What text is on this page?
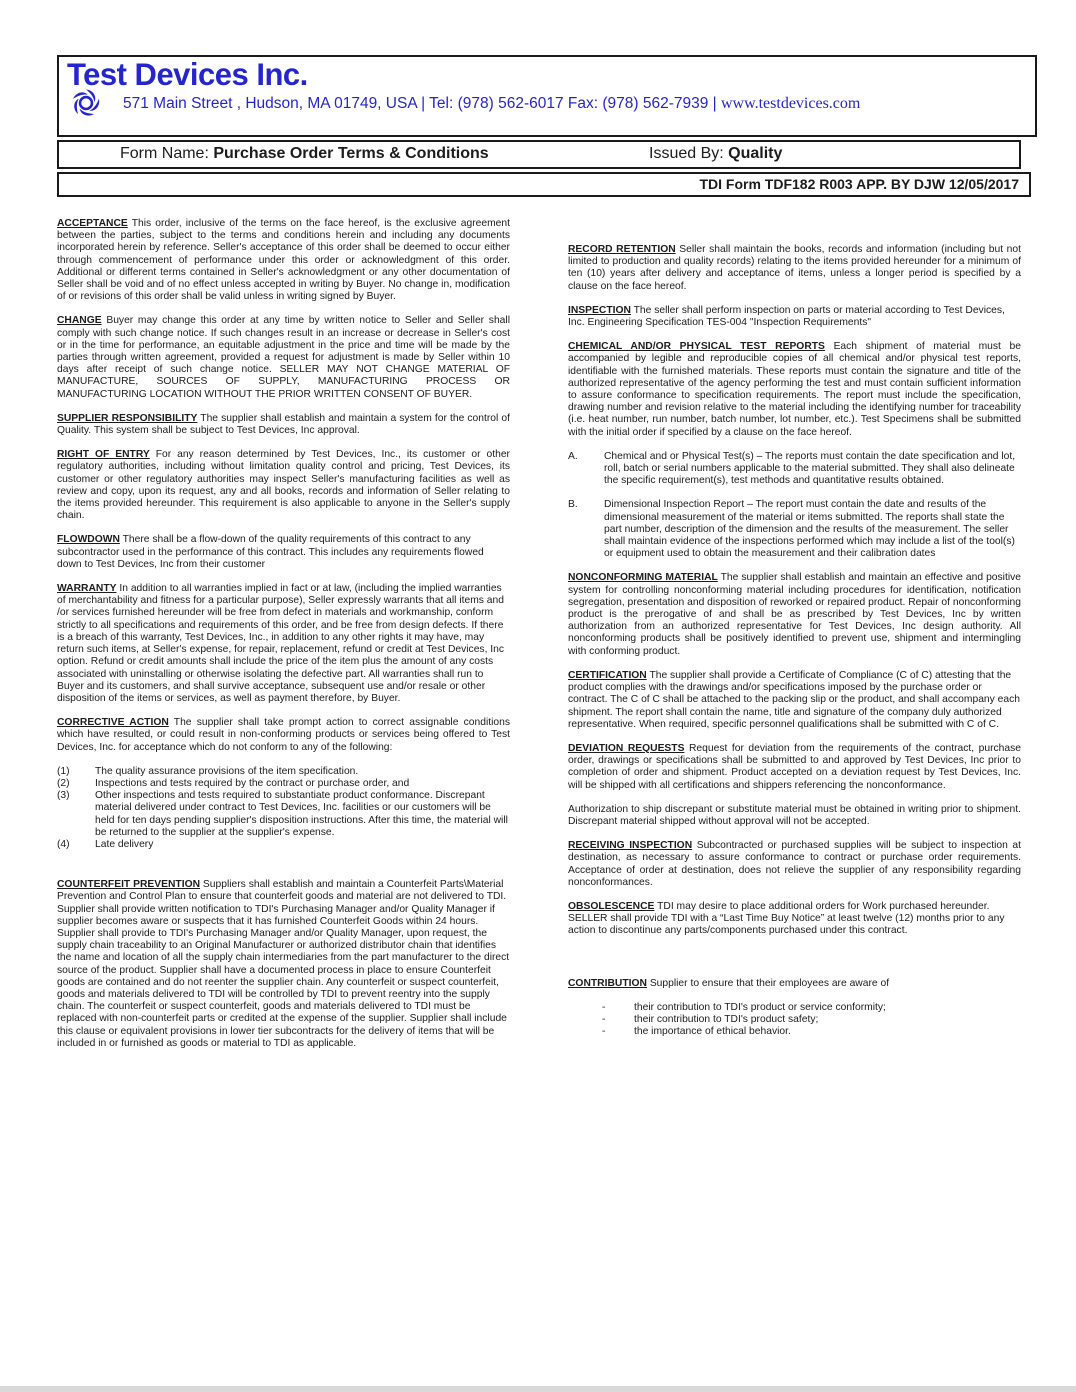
Test Devices Inc.
571 Main Street , Hudson, MA 01749, USA | Tel: (978) 562-6017 Fax: (978) 562-7939 | www.testdevices.com
Form Name: Purchase Order Terms & Conditions	Issued By: Quality
TDI Form TDF182 R003 APP. BY DJW 12/05/2017

ACCEPTANCE This order, inclusive of the terms on the face hereof, is the exclusive agreement between the parties, subject to the terms and conditions herein and including any documents incorporated herein by reference. Seller's acceptance of this order shall be deemed to occur either through commencement of performance under this order or acknowledgment of this order. Additional or different terms contained in Seller's acknowledgment or any other documentation of Seller shall be void and of no effect unless accepted in writing by Buyer. No change in, modification of or revisions of this order shall be valid unless in writing signed by Buyer.

CHANGE Buyer may change this order at any time by written notice to Seller and Seller shall comply with such change notice. If such changes result in an increase or decrease in Seller's cost or in the time for performance, an equitable adjustment in the price and time will be made by the parties through written agreement, provided a request for adjustment is made by Seller within 10 days after receipt of such change notice. SELLER MAY NOT CHANGE MATERIAL OF MANUFACTURE, SOURCES OF SUPPLY, MANUFACTURING PROCESS OR MANUFACTURING LOCATION WITHOUT THE PRIOR WRITTEN CONSENT OF BUYER.

SUPPLIER RESPONSIBILITY The supplier shall establish and maintain a system for the control of Quality. This system shall be subject to Test Devices, Inc approval.

RIGHT OF ENTRY For any reason determined by Test Devices, Inc., its customer or other regulatory authorities, including without limitation quality control and pricing, Test Devices, its customer or other regulatory authorities may inspect Seller's manufacturing facilities as well as review and copy, upon its request, any and all books, records and information of Seller relating to the items provided hereunder. This requirement is also applicable to anyone in the Seller's supply chain.

FLOWDOWN There shall be a flow-down of the quality requirements of this contract to any subcontractor used in the performance of this contract. This includes any requirements flowed down to Test Devices, Inc from their customer

WARRANTY In addition to all warranties implied in fact or at law, (including the implied warranties of merchantability and fitness for a particular purpose), Seller expressly warrants that all items and /or services furnished hereunder will be free from defect in materials and workmanship, conform strictly to all specifications and requirements of this order, and be free from design defects. If there is a breach of this warranty, Test Devices, Inc., in addition to any other rights it may have, may return such items, at Seller's expense, for repair, replacement, refund or credit at Test Devices, Inc option. Refund or credit amounts shall include the price of the item plus the amount of any costs associated with uninstalling or otherwise isolating the defective part. All warranties shall run to Buyer and its customers, and shall survive acceptance, subsequent use and/or resale or other disposition of the items or services, as well as payment therefore, by Buyer.

CORRECTIVE ACTION The supplier shall take prompt action to correct assignable conditions which have resulted, or could result in non-conforming products or services being offered to Test Devices, Inc. for acceptance which do not conform to any of the following:

(1)	The quality assurance provisions of the item specification.
(2)	Inspections and tests required by the contract or purchase order, and
(3)	Other inspections and tests required to substantiate product conformance. Discrepant material delivered under contract to Test Devices, Inc. facilities or our customers will be held for ten days pending supplier's disposition instructions. After this time, the material will be returned to the supplier at the supplier's expense.
(4)	Late delivery

COUNTERFEIT PREVENTION Suppliers shall establish and maintain a Counterfeit Parts\Material Prevention and Control Plan to ensure that counterfeit goods and material are not delivered to TDI. Supplier shall provide written notification to TDI's Purchasing Manager and/or Quality Manager if supplier becomes aware or suspects that it has furnished Counterfeit Goods within 24 hours. Supplier shall provide to TDI's Purchasing Manager and/or Quality Manager, upon request, the supply chain traceability to an Original Manufacturer or authorized distributor chain that identifies the name and location of all the supply chain intermediaries from the part manufacturer to the direct source of the product. Supplier shall have a documented process in place to ensure Counterfeit goods are contained and do not reenter the supplier chain. Any counterfeit or suspect counterfeit, goods and materials delivered to TDI will be controlled by TDI to prevent reentry into the supply chain. The counterfeit or suspect counterfeit, goods and materials delivered to TDI must be replaced with non-counterfeit parts or credited at the expense of the supplier. Supplier shall include this clause or equivalent provisions in lower tier subcontracts for the delivery of items that will be included in or furnished as goods or material to TDI as applicable.

RECORD RETENTION Seller shall maintain the books, records and information (including but not limited to production and quality records) relating to the items provided hereunder for a minimum of ten (10) years after delivery and acceptance of items, unless a longer period is specified by a clause on the face hereof.

INSPECTION The seller shall perform inspection on parts or material according to Test Devices, Inc. Engineering Specification TES-004 "Inspection Requirements"

CHEMICAL AND/OR PHYSICAL TEST REPORTS Each shipment of material must be accompanied by legible and reproducible copies of all chemical and/or physical test reports, identifiable with the furnished materials. These reports must contain the signature and title of the authorized representative of the agency performing the test and must contain sufficient information to assure conformance to specification requirements. The report must include the specification, drawing number and revision relative to the material including the identifying number for traceability (i.e. heat number, run number, batch number, lot number, etc.). Test Specimens shall be submitted with the initial order if specified by a clause on the face hereof.

A.	Chemical and or Physical Test(s) – The reports must contain the date specification and lot, roll, batch or serial numbers applicable to the material submitted. They shall also delineate the specific requirement(s), test methods and quantitative results obtained.
B.	Dimensional Inspection Report – The report must contain the date and results of the dimensional measurement of the material or items submitted. The reports shall state the part number, description of the dimension and the results of the measurement. The seller shall maintain evidence of the inspections performed which may include a list of the tool(s) or equipment used to obtain the measurement and their calibration dates

NONCONFORMING MATERIAL The supplier shall establish and maintain an effective and positive system for controlling nonconforming material including procedures for identification, notification segregation, presentation and disposition of reworked or repaired product. Repair of nonconforming product is the prerogative of and shall be as prescribed by Test Devices, Inc by written authorization from an authorized representative for Test Devices, Inc design authority. All nonconforming products shall be positively identified to prevent use, shipment and intermingling with conforming product.

CERTIFICATION The supplier shall provide a Certificate of Compliance (C of C) attesting that the product complies with the drawings and/or specifications imposed by the purchase order or contract. The C of C shall be attached to the packing slip or the product, and shall accompany each shipment. The report shall contain the name, title and signature of the company duly authorized representative. When required, specific personnel qualifications shall be submitted with C of C.

DEVIATION REQUESTS Request for deviation from the requirements of the contract, purchase order, drawings or specifications shall be submitted to and approved by Test Devices, Inc prior to completion of order and shipment. Product accepted on a deviation request by Test Devices, Inc. will be shipped with all certifications and shippers referencing the nonconformance.

Authorization to ship discrepant or substitute material must be obtained in writing prior to shipment. Discrepant material shipped without approval will not be accepted.

RECEIVING INSPECTION Subcontracted or purchased supplies will be subject to inspection at destination, as necessary to assure conformance to contract or purchase order requirements. Acceptance of order at destination, does not relieve the supplier of any responsibility regarding nonconformances.

OBSOLESCENCE TDI may desire to place additional orders for Work purchased hereunder. SELLER shall provide TDI with a “Last Time Buy Notice” at least twelve (12) months prior to any action to discontinue any parts/components purchased under this contract.

CONTRIBUTION Supplier to ensure that their employees are aware of

-	their contribution to TDI's product or service conformity;
-	their contribution to TDI's product safety;
-	the importance of ethical behavior.
